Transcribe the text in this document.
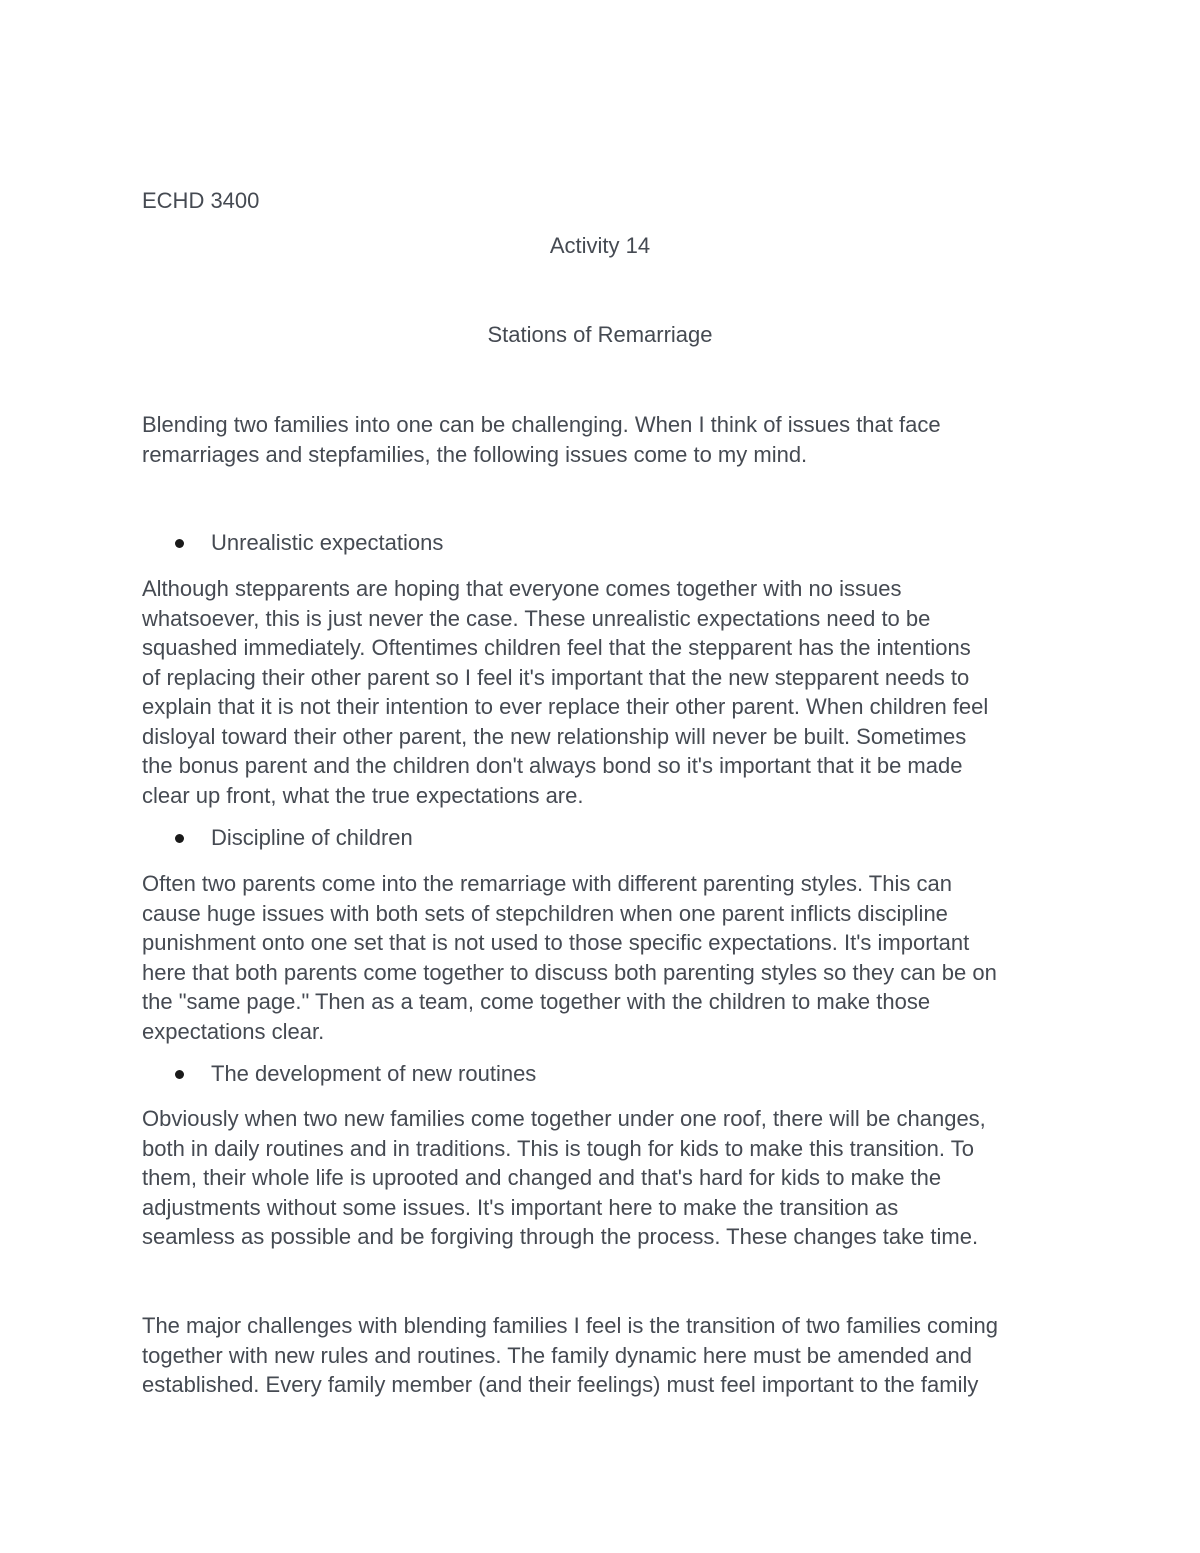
ECHD 3400
Activity 14
Stations of Remarriage
Blending two families into one can be challenging. When I think of issues that face
remarriages and stepfamilies, the following issues come to my mind.
Unrealistic expectations
Although stepparents are hoping that everyone comes together with no issues
whatsoever, this is just never the case. These unrealistic expectations need to be
squashed immediately. Oftentimes children feel that the stepparent has the intentions
of replacing their other parent so I feel it's important that the new stepparent needs to
explain that it is not their intention to ever replace their other parent. When children feel
disloyal toward their other parent, the new relationship will never be built. Sometimes
the bonus parent and the children don't always bond so it's important that it be made
clear up front, what the true expectations are.
Discipline of children
Often two parents come into the remarriage with different parenting styles. This can
cause huge issues with both sets of stepchildren when one parent inflicts discipline
punishment onto one set that is not used to those specific expectations. It's important
here that both parents come together to discuss both parenting styles so they can be on
the "same page." Then as a team, come together with the children to make those
expectations clear.
The development of new routines
Obviously when two new families come together under one roof, there will be changes,
both in daily routines and in traditions. This is tough for kids to make this transition. To
them, their whole life is uprooted and changed and that's hard for kids to make the
adjustments without some issues. It's important here to make the transition as
seamless as possible and be forgiving through the process. These changes take time.
The major challenges with blending families I feel is the transition of two families coming
together with new rules and routines. The family dynamic here must be amended and
established. Every family member (and their feelings) must feel important to the family
